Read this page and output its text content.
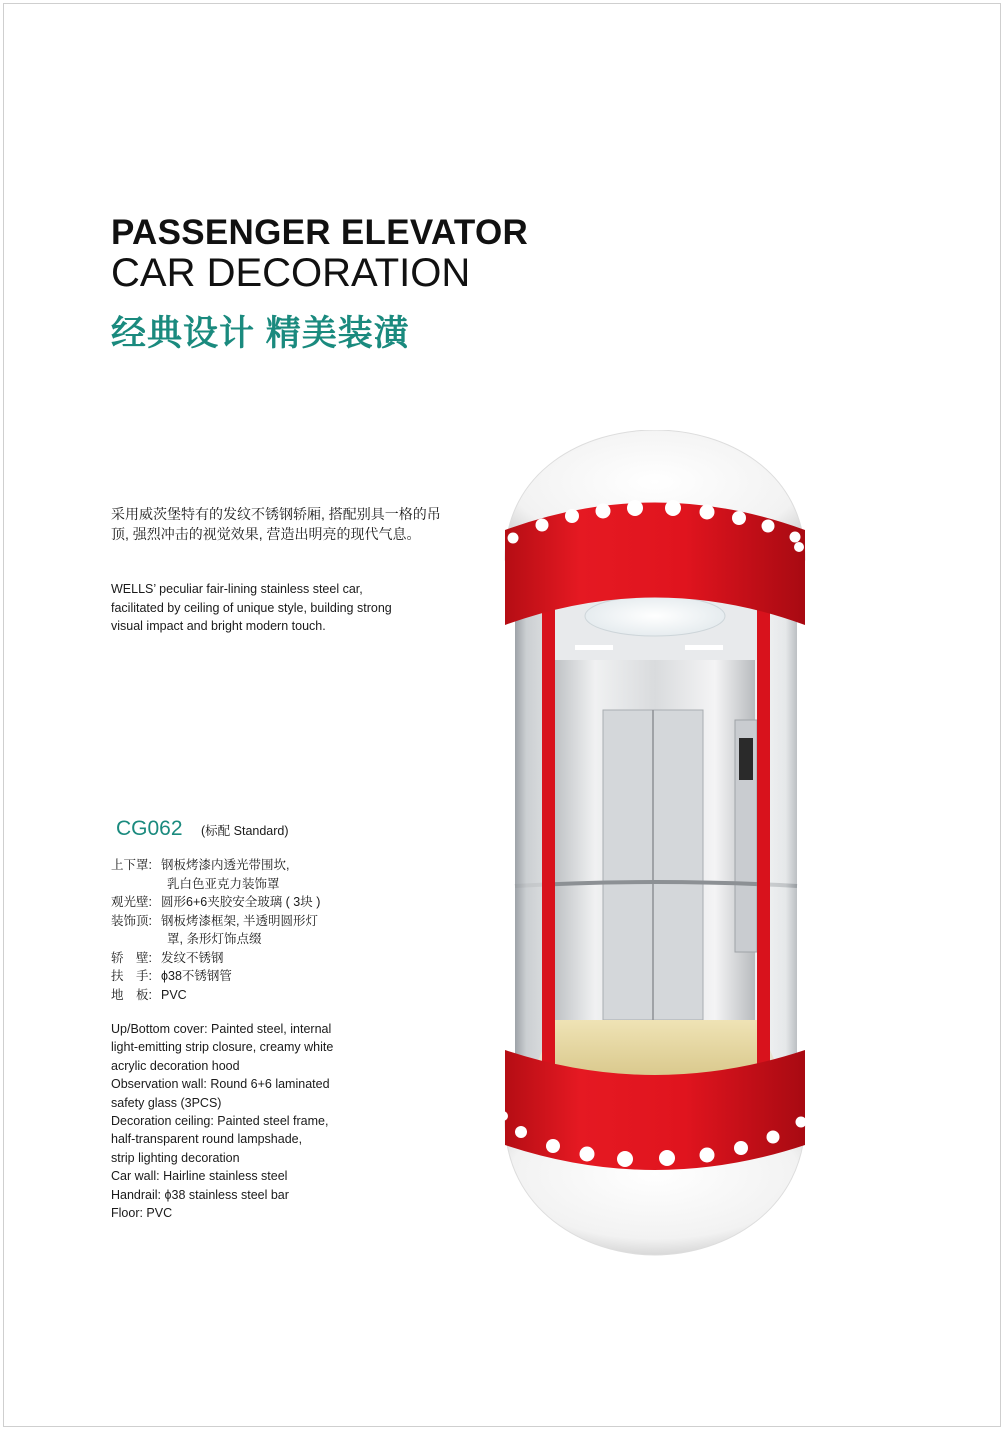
PASSENGER ELEVATOR
CAR DECORATION
经典设计 精美装潢
采用威茨堡特有的发纹不锈钢轿厢, 搭配别具一格的吊顶, 强烈冲击的视觉效果, 营造出明亮的现代气息。
WELLS’ peculiar fair-lining stainless steel car,
facilitated by ceiling of unique style, building strong
visual impact and bright modern touch.
CG062 (标配 Standard)
上下罩: 钢板烤漆内透光带围坎,
乳白色亚克力装饰罩
观光壁: 圆形6+6夹胶安全玻璃 ( 3块 )
装饰顶: 钢板烤漆框架, 半透明圆形灯
罩, 条形灯饰点缀
轿　壁: 发纹不锈钢
扶　手: ϕ38不锈钢管
地　板: PVC
Up/Bottom cover: Painted steel, internal
light-emitting strip closure, creamy white
acrylic decoration hood
Observation wall: Round 6+6 laminated
safety glass (3PCS)
Decoration ceiling: Painted steel frame,
half-transparent round lampshade,
strip lighting decoration
Car wall: Hairline stainless steel
Handrail: ϕ38 stainless steel bar
Floor: PVC
